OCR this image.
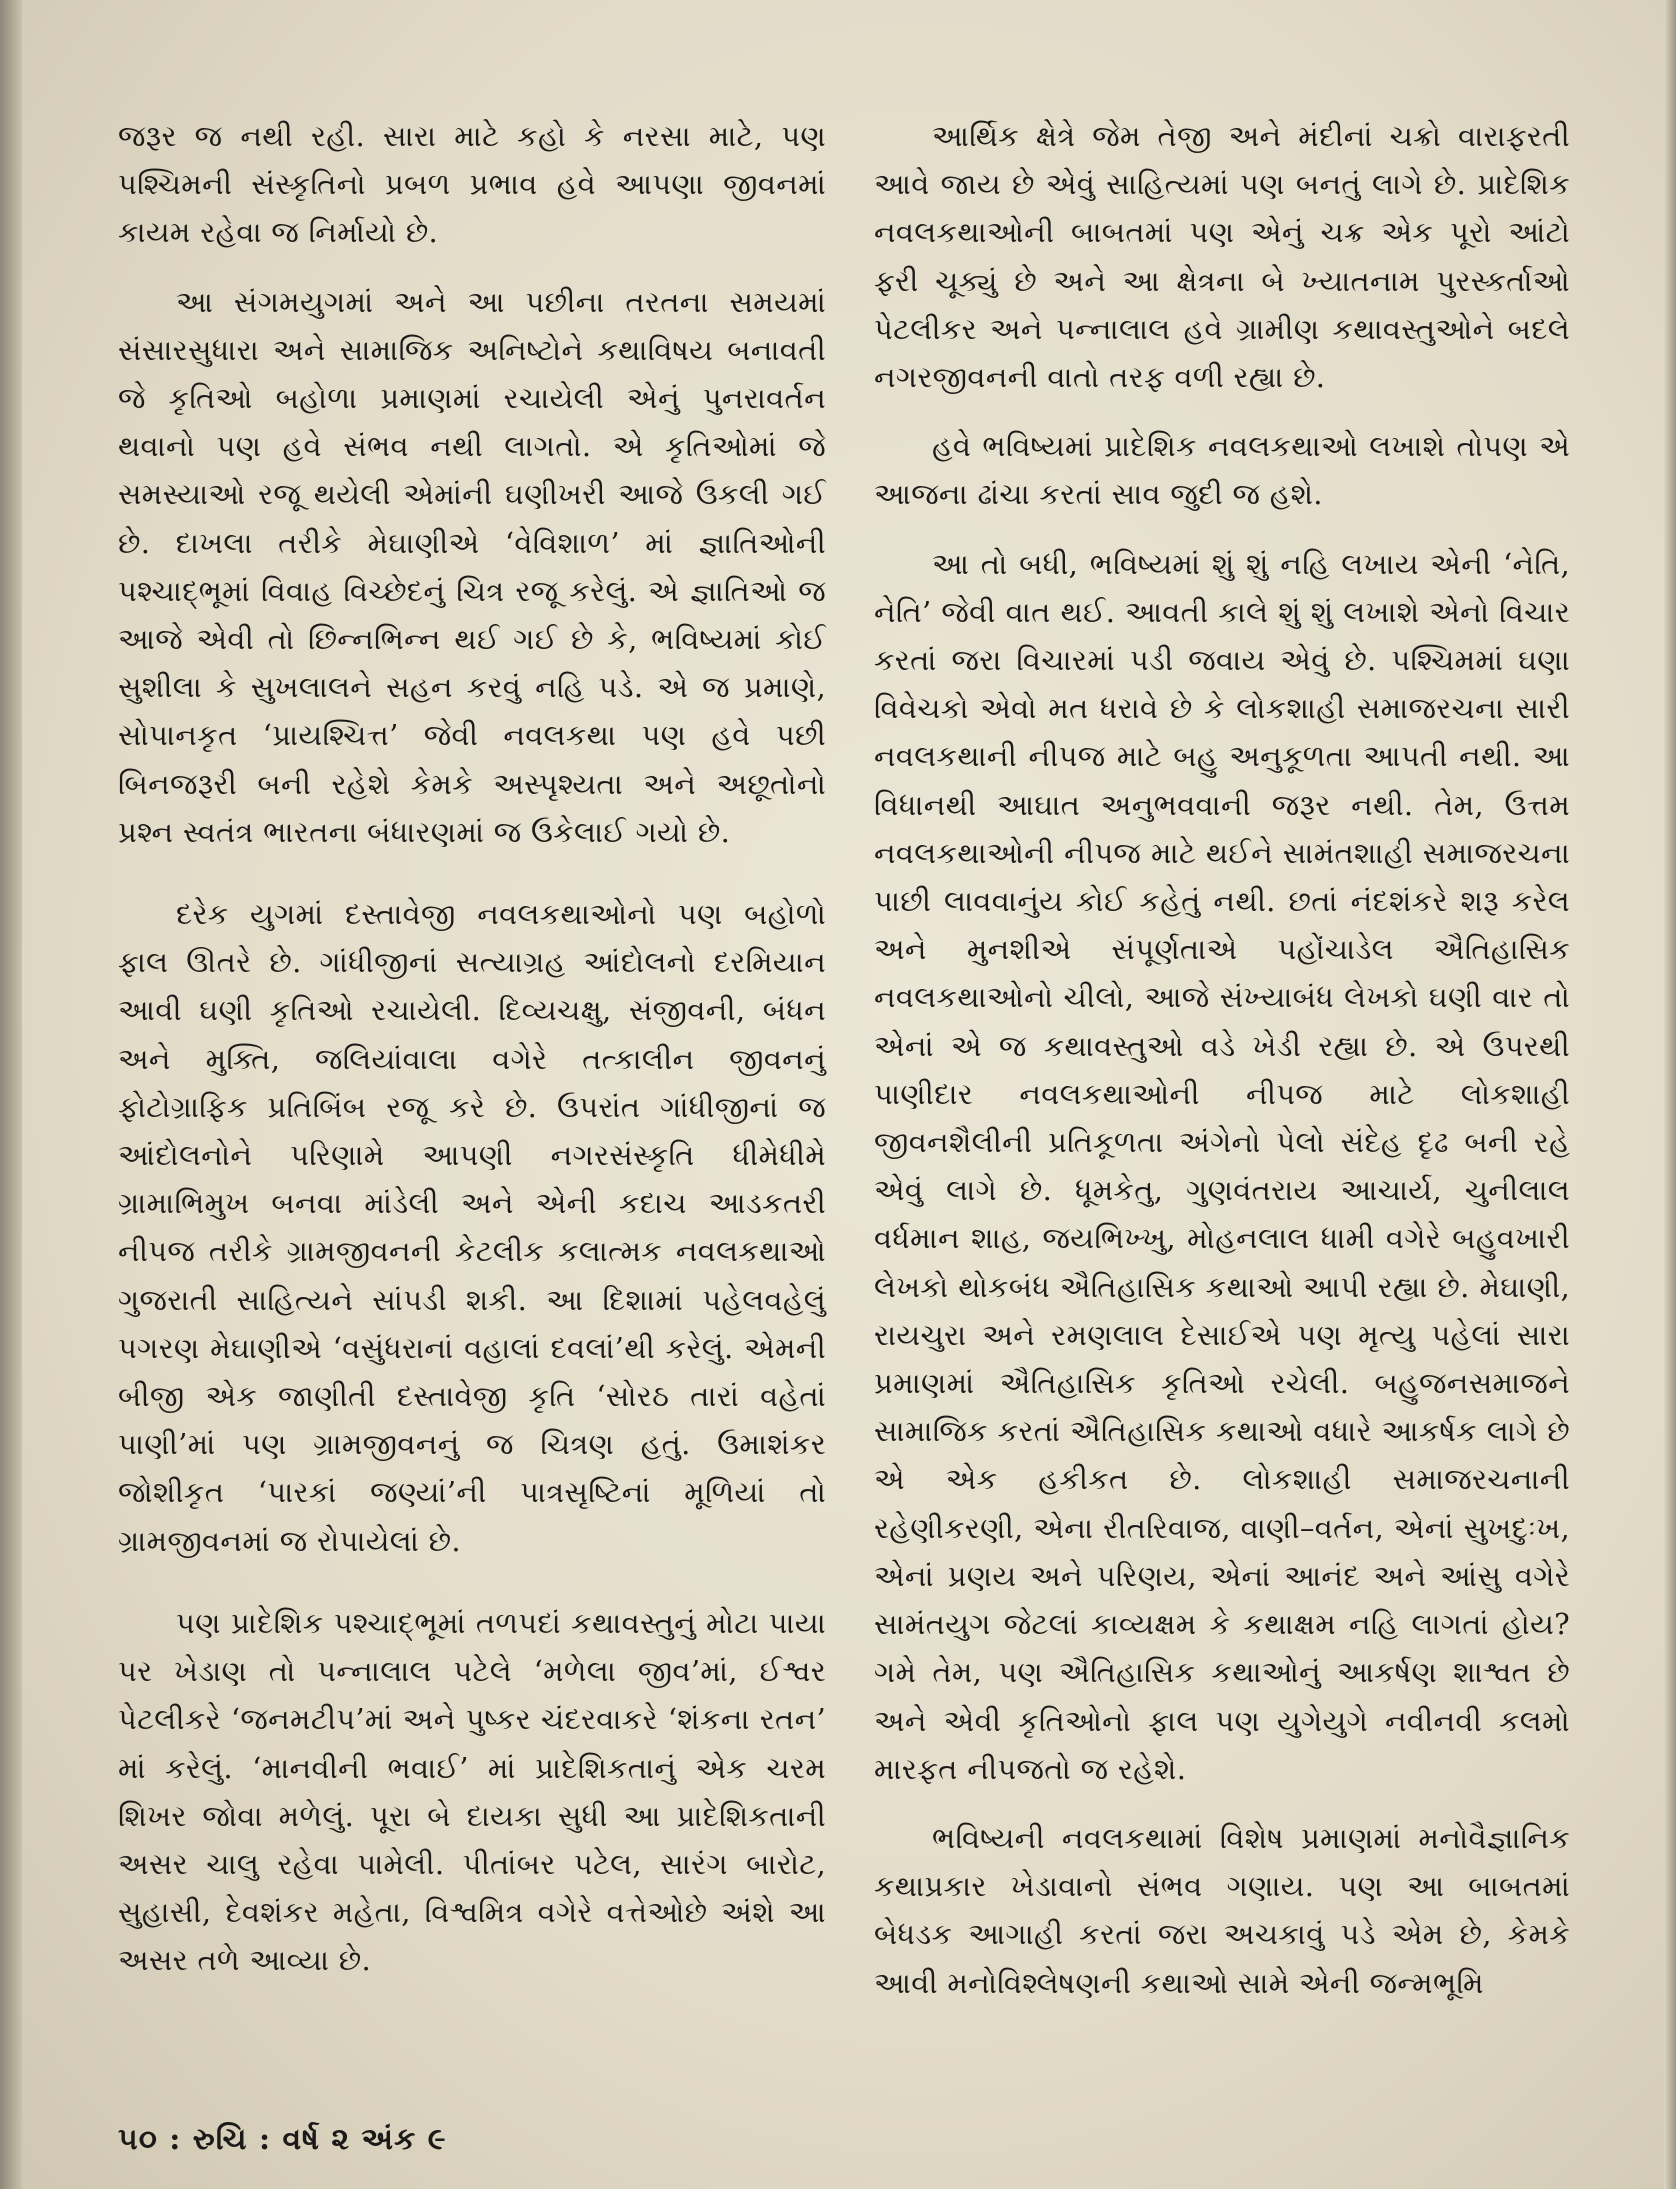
જરૂર જ નથી રહી. સારા માટે કહો કે નરસા માટે, પણ પશ્ચિમની સંસ્કૃતિનો પ્રબળ પ્રભાવ હવે આપણા જીવનમાં કાયમ રહેવા જ નિર્માયો છે.

આ સંગમયુગમાં અને આ પછીના તરતના સમયમાં સંસારસુધારા અને સામાજિક અનિષ્ટોને કથાવિષય બનાવતી જે કૃતિઓ બહોળા પ્રમાણમાં રચાયેલી એનું પુનરાવર્તન થવાનો પણ હવે સંભવ નથી લાગતો. એ કૃતિઓમાં જે સમસ્યાઓ રજૂ થયેલી એમાંની ઘણીખરી આજે ઉકલી ગઈ છે. દાખલા તરીકે મેઘાણીએ ‘વેવિશાળ’ માં જ્ઞાતિઓની પશ્ચાદ્‌ભૂમાં વિવાહ વિચ્છેદનું ચિત્ર રજૂ કરેલું. એ જ્ઞાતિઓ જ આજે એવી તો છિન્નભિન્ન થઈ ગઈ છે કે, ભવિષ્યમાં કોઈ સુશીલા કે સુખલાલને સહન કરવું નહિ પડે. એ જ પ્રમાણે, સોપાનકૃત ‘પ્રાયશ્ચિત્ત’ જેવી નવલકથા પણ હવે પછી બિનજરૂરી બની રહેશે કેમકે અસ્પૃશ્યતા અને અછૂતોનો પ્રશ્ન સ્વતંત્ર ભારતના બંધારણમાં જ ઉકેલાઈ ગયો છે.

દરેક યુગમાં દસ્તાવેજી નવલકથાઓનો પણ બહોળો ફાલ ઊતરે છે. ગાંધીજીનાં સત્યાગ્રહ આંદોલનો દરમિયાન આવી ઘણી કૃતિઓ રચાયેલી. દિવ્યચક્ષુ, સંજીવની, બંધન અને મુક્તિ, જલિયાંવાલા વગેરે તત્કાલીન જીવનનું ફોટોગ્રાફિક પ્રતિબિંબ રજૂ કરે છે. ઉપરાંત ગાંધીજીનાં જ આંદોલનોને પરિણામે આપણી નગરસંસ્કૃતિ ધીમેધીમે ગ્રામાભિમુખ બનવા માંડેલી અને એની કદાચ આડકતરી નીપજ તરીકે ગ્રામજીવનની કેટલીક કલાત્મક નવલકથાઓ ગુજરાતી સાહિત્યને સાંપડી શકી. આ દિશામાં પહેલવહેલું પગરણ મેઘાણીએ ‘વસુંધરાનાં વહાલાં દવલાં’થી કરેલું. એમની બીજી એક જાણીતી દસ્તાવેજી કૃતિ ‘સોરઠ તારાં વહેતાં પાણી’માં પણ ગ્રામજીવનનું જ ચિત્રણ હતું. ઉમાશંકર જોશીકૃત ‘પારકાં જણ્યાં’ની પાત્રસૃષ્ટિનાં મૂળિયાં તો ગ્રામજીવનમાં જ રોપાયેલાં છે.

પણ પ્રાદેશિક પશ્ચાદ્‌ભૂમાં તળપદાં કથાવસ્તુનું મોટા પાયા પર ખેડાણ તો પન્નાલાલ પટેલે ‘મળેલા જીવ’માં, ઈશ્વર પેટલીકરે ‘જનમટીપ’માં અને પુષ્કર ચંદરવાકરે ‘શંકના રતન’ માં કરેલું. ‘માનવીની ભવાઈ’ માં પ્રાદેશિકતાનું એક ચરમ શિખર જોવા મળેલું. પૂરા બે દાયકા સુધી આ પ્રાદેશિકતાની અસર ચાલુ રહેવા પામેલી. પીતાંબર પટેલ, સારંગ બારોટ, સુહાસી, દેવશંકર મહેતા, વિશ્વમિત્ર વગેરે વત્તેઓછે અંશે આ અસર તળે આવ્યા છે.

આર્થિક ક્ષેત્રે જેમ તેજી અને મંદીનાં ચક્રો વારાફરતી આવે જાય છે એવું સાહિત્યમાં પણ બનતું લાગે છે. પ્રાદેશિક નવલકથાઓની બાબતમાં પણ એનું ચક્ર એક પૂરો આંટો ફરી ચૂક્યું છે અને આ ક્ષેત્રના બે ખ્યાતનામ પુરસ્કર્તાઓ પેટલીકર અને પન્નાલાલ હવે ગ્રામીણ કથાવસ્તુઓને બદલે નગરજીવનની વાતો તરફ વળી રહ્યા છે.

હવે ભવિષ્યમાં પ્રાદેશિક નવલકથાઓ લખાશે તોપણ એ આજના ઢાંચા કરતાં સાવ જુદી જ હશે.

આ તો બધી, ભવિષ્યમાં શું શું નહિ લખાય એની ‘નેતિ, નેતિ’ જેવી વાત થઈ. આવતી કાલે શું શું લખાશે એનો વિચાર કરતાં જરા વિચારમાં પડી જવાય એવું છે. પશ્ચિમમાં ઘણા વિવેચકો એવો મત ધરાવે છે કે લોકશાહી સમાજરચના સારી નવલકથાની નીપજ માટે બહુ અનુકૂળતા આપતી નથી. આ વિધાનથી આઘાત અનુભવવાની જરૂર નથી. તેમ, ઉત્તમ નવલકથાઓની નીપજ માટે થઈને સામંતશાહી સમાજરચના પાછી લાવવાનુંય કોઈ કહેતું નથી. છતાં નંદશંકરે શરૂ કરેલ અને મુનશીએ સંપૂર્ણતાએ પહોંચાડેલ ઐતિહાસિક નવલકથાઓનો ચીલો, આજે સંખ્યાબંધ લેખકો ઘણી વાર તો એનાં એ જ કથાવસ્તુઓ વડે ખેડી રહ્યા છે. એ ઉપરથી પાણીદાર નવલકથાઓની નીપજ માટે લોકશાહી જીવનશૈલીની પ્રતિકૂળતા અંગેનો પેલો સંદેહ દૃઢ બની રહે એવું લાગે છે. ધૂમકેતુ, ગુણવંતરાય આચાર્ય, ચુનીલાલ વર્ધમાન શાહ, જયભિખ્ખુ, મોહનલાલ ધામી વગેરે બહુવખારી લેખકો થોકબંધ ઐતિહાસિક કથાઓ આપી રહ્યા છે. મેઘાણી, રાયચુરા અને રમણલાલ દેસાઈએ પણ મૃત્યુ પહેલાં સારા પ્રમાણમાં ઐતિહાસિક કૃતિઓ રચેલી. બહુજનસમાજને સામાજિક કરતાં ઐતિહાસિક કથાઓ વધારે આકર્ષક લાગે છે એ એક હકીકત છે. લોકશાહી સમાજરચનાની રહેણીકરણી, એના રીતરિવાજ, વાણી–વર્તન, એનાં સુખદુઃખ, એનાં પ્રણય અને પરિણય, એનાં આનંદ અને આંસુ વગેરે સામંતયુગ જેટલાં કાવ્યક્ષમ કે કથાક્ષમ નહિ લાગતાં હોય? ગમે તેમ, પણ ઐતિહાસિક કથાઓનું આકર્ષણ શાશ્વત છે અને એવી કૃતિઓનો ફાલ પણ યુગેયુગે નવીનવી કલમો મારફત નીપજતો જ રહેશે.

ભવિષ્યની નવલકથામાં વિશેષ પ્રમાણમાં મનોવૈજ્ઞાનિક કથાપ્રકાર ખેડાવાનો સંભવ ગણાય. પણ આ બાબતમાં બેધડક આગાહી કરતાં જરા અચકાવું પડે એમ છે, કેમકે આવી મનોવિશ્લેષણની કથાઓ સામે એની જન્મભૂમિ

૫૦ : રુચિ : વર્ષ ૨ અંક ૯
